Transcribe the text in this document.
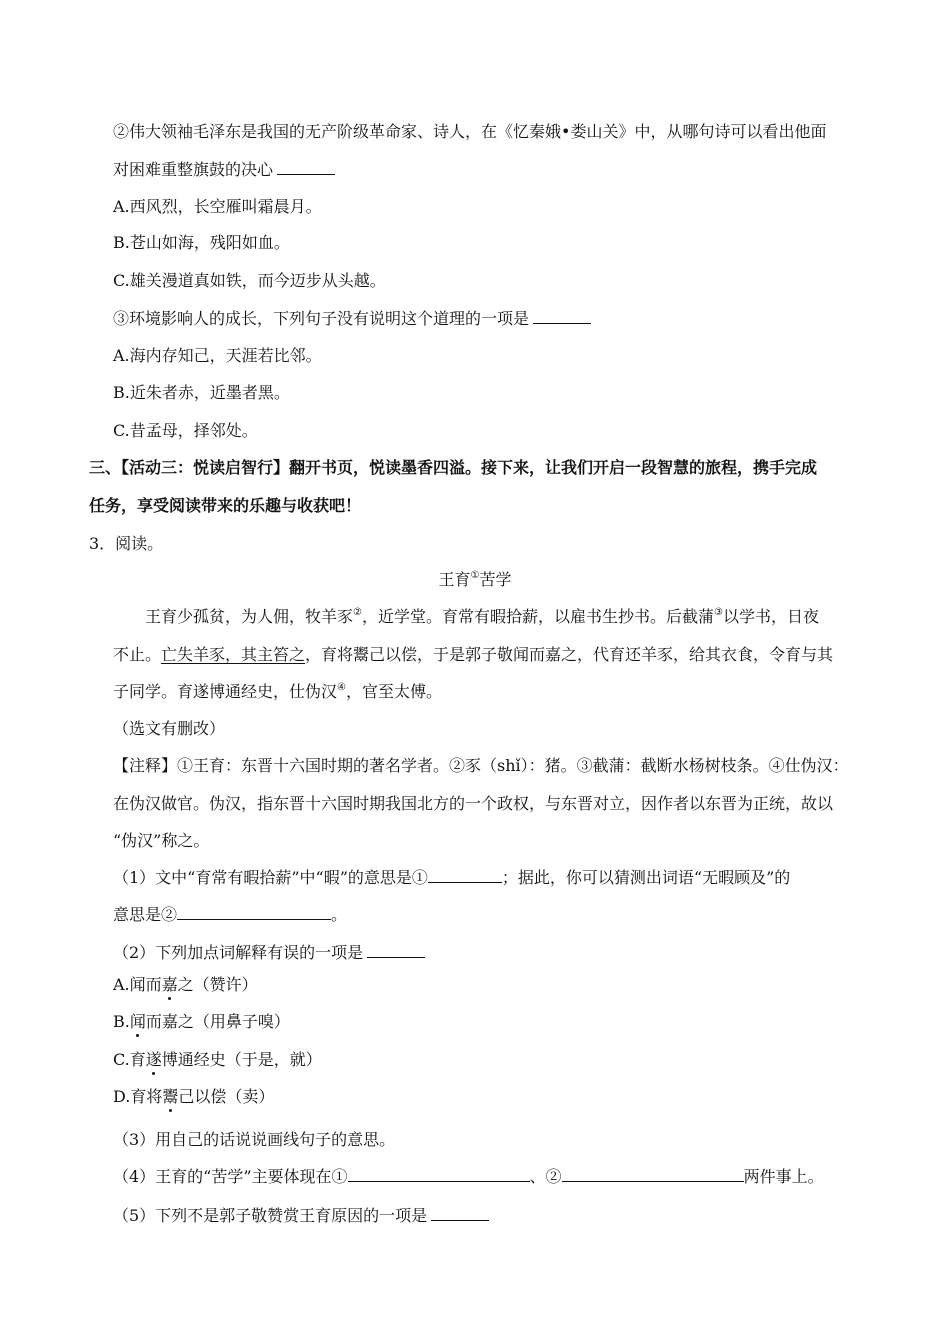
②伟大领袖毛泽东是我国的无产阶级革命家、诗人，在《忆秦娥•娄山关》中，从哪句诗可以看出他面
对困难重整旗鼓的决心
A.西风烈，长空雁叫霜晨月。
B.苍山如海，残阳如血。
C.雄关漫道真如铁，而今迈步从头越。
③环境影响人的成长，下列句子没有说明这个道理的一项是
A.海内存知己，天涯若比邻。
B.近朱者赤，近墨者黑。
C.昔孟母，择邻处。
三、【活动三：悦读启智行】翻开书页，悦读墨香四溢。接下来，让我们开启一段智慧的旅程，携手完成
任务，享受阅读带来的乐趣与收获吧！
3．阅读。
王育①苦学
王育少孤贫，为人佣，牧羊豕②，近学堂。育常有暇拾薪，以雇书生抄书。后截蒲③以学书，日夜
不止。亡失羊豕，其主笞之，育将鬻己以偿，于是郭子敬闻而嘉之，代育还羊豕，给其衣食，令育与其
子同学。育遂博通经史，仕伪汉④，官至太傅。
（选文有删改）
【注释】①王育：东晋十六国时期的著名学者。②豕（shǐ）：猪。③截蒲：截断水杨树枝条。④仕伪汉：
在伪汉做官。伪汉，指东晋十六国时期我国北方的一个政权，与东晋对立，因作者以东晋为正统，故以
“伪汉”称之。
（1）文中“育常有暇拾薪”中“暇”的意思是①	；据此，你可以猜测出词语“无暇顾及”的
意思是②	。
（2）下列加点词解释有误的一项是
A.闻而嘉之（赞许）
B.闻而嘉之（用鼻子嗅）
C.育遂博通经史（于是，就）
D.育将鬻己以偿（卖）
（3）用自己的话说说画线句子的意思。
（4）王育的“苦学”主要体现在①	、②	两件事上。
（5）下列不是郭子敬赞赏王育原因的一项是
